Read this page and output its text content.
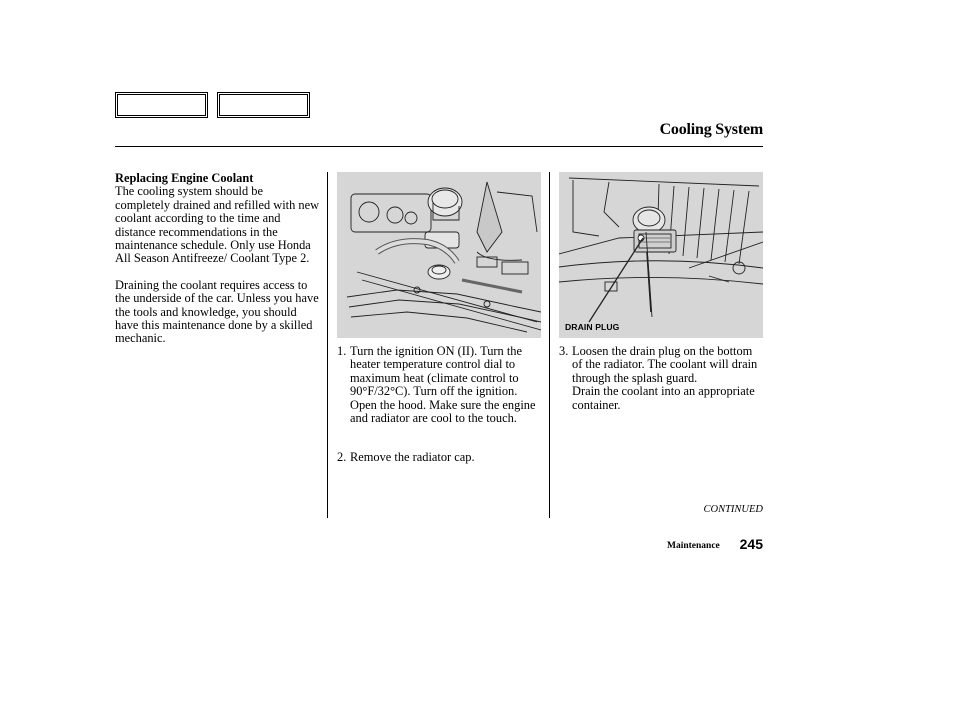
Cooling System
Replacing Engine Coolant

The cooling system should be completely drained and refilled with new coolant according to the time and distance recommendations in the maintenance schedule. Only use Honda All Season Antifreeze/ Coolant Type 2.

Draining the coolant requires access to the underside of the car. Unless you have the tools and knowledge, you should have this maintenance done by a skilled mechanic.

DRAIN PLUG
1. Turn the ignition ON (II). Turn the heater temperature control dial to maximum heat (climate control to 90°F/32°C). Turn off the ignition. Open the hood. Make sure the engine and radiator are cool to the touch.
2. Remove the radiator cap.
3. Loosen the drain plug on the bottom of the radiator. The coolant will drain through the splash guard.
Drain the coolant into an appropriate container.
CONTINUED
Maintenance 245
